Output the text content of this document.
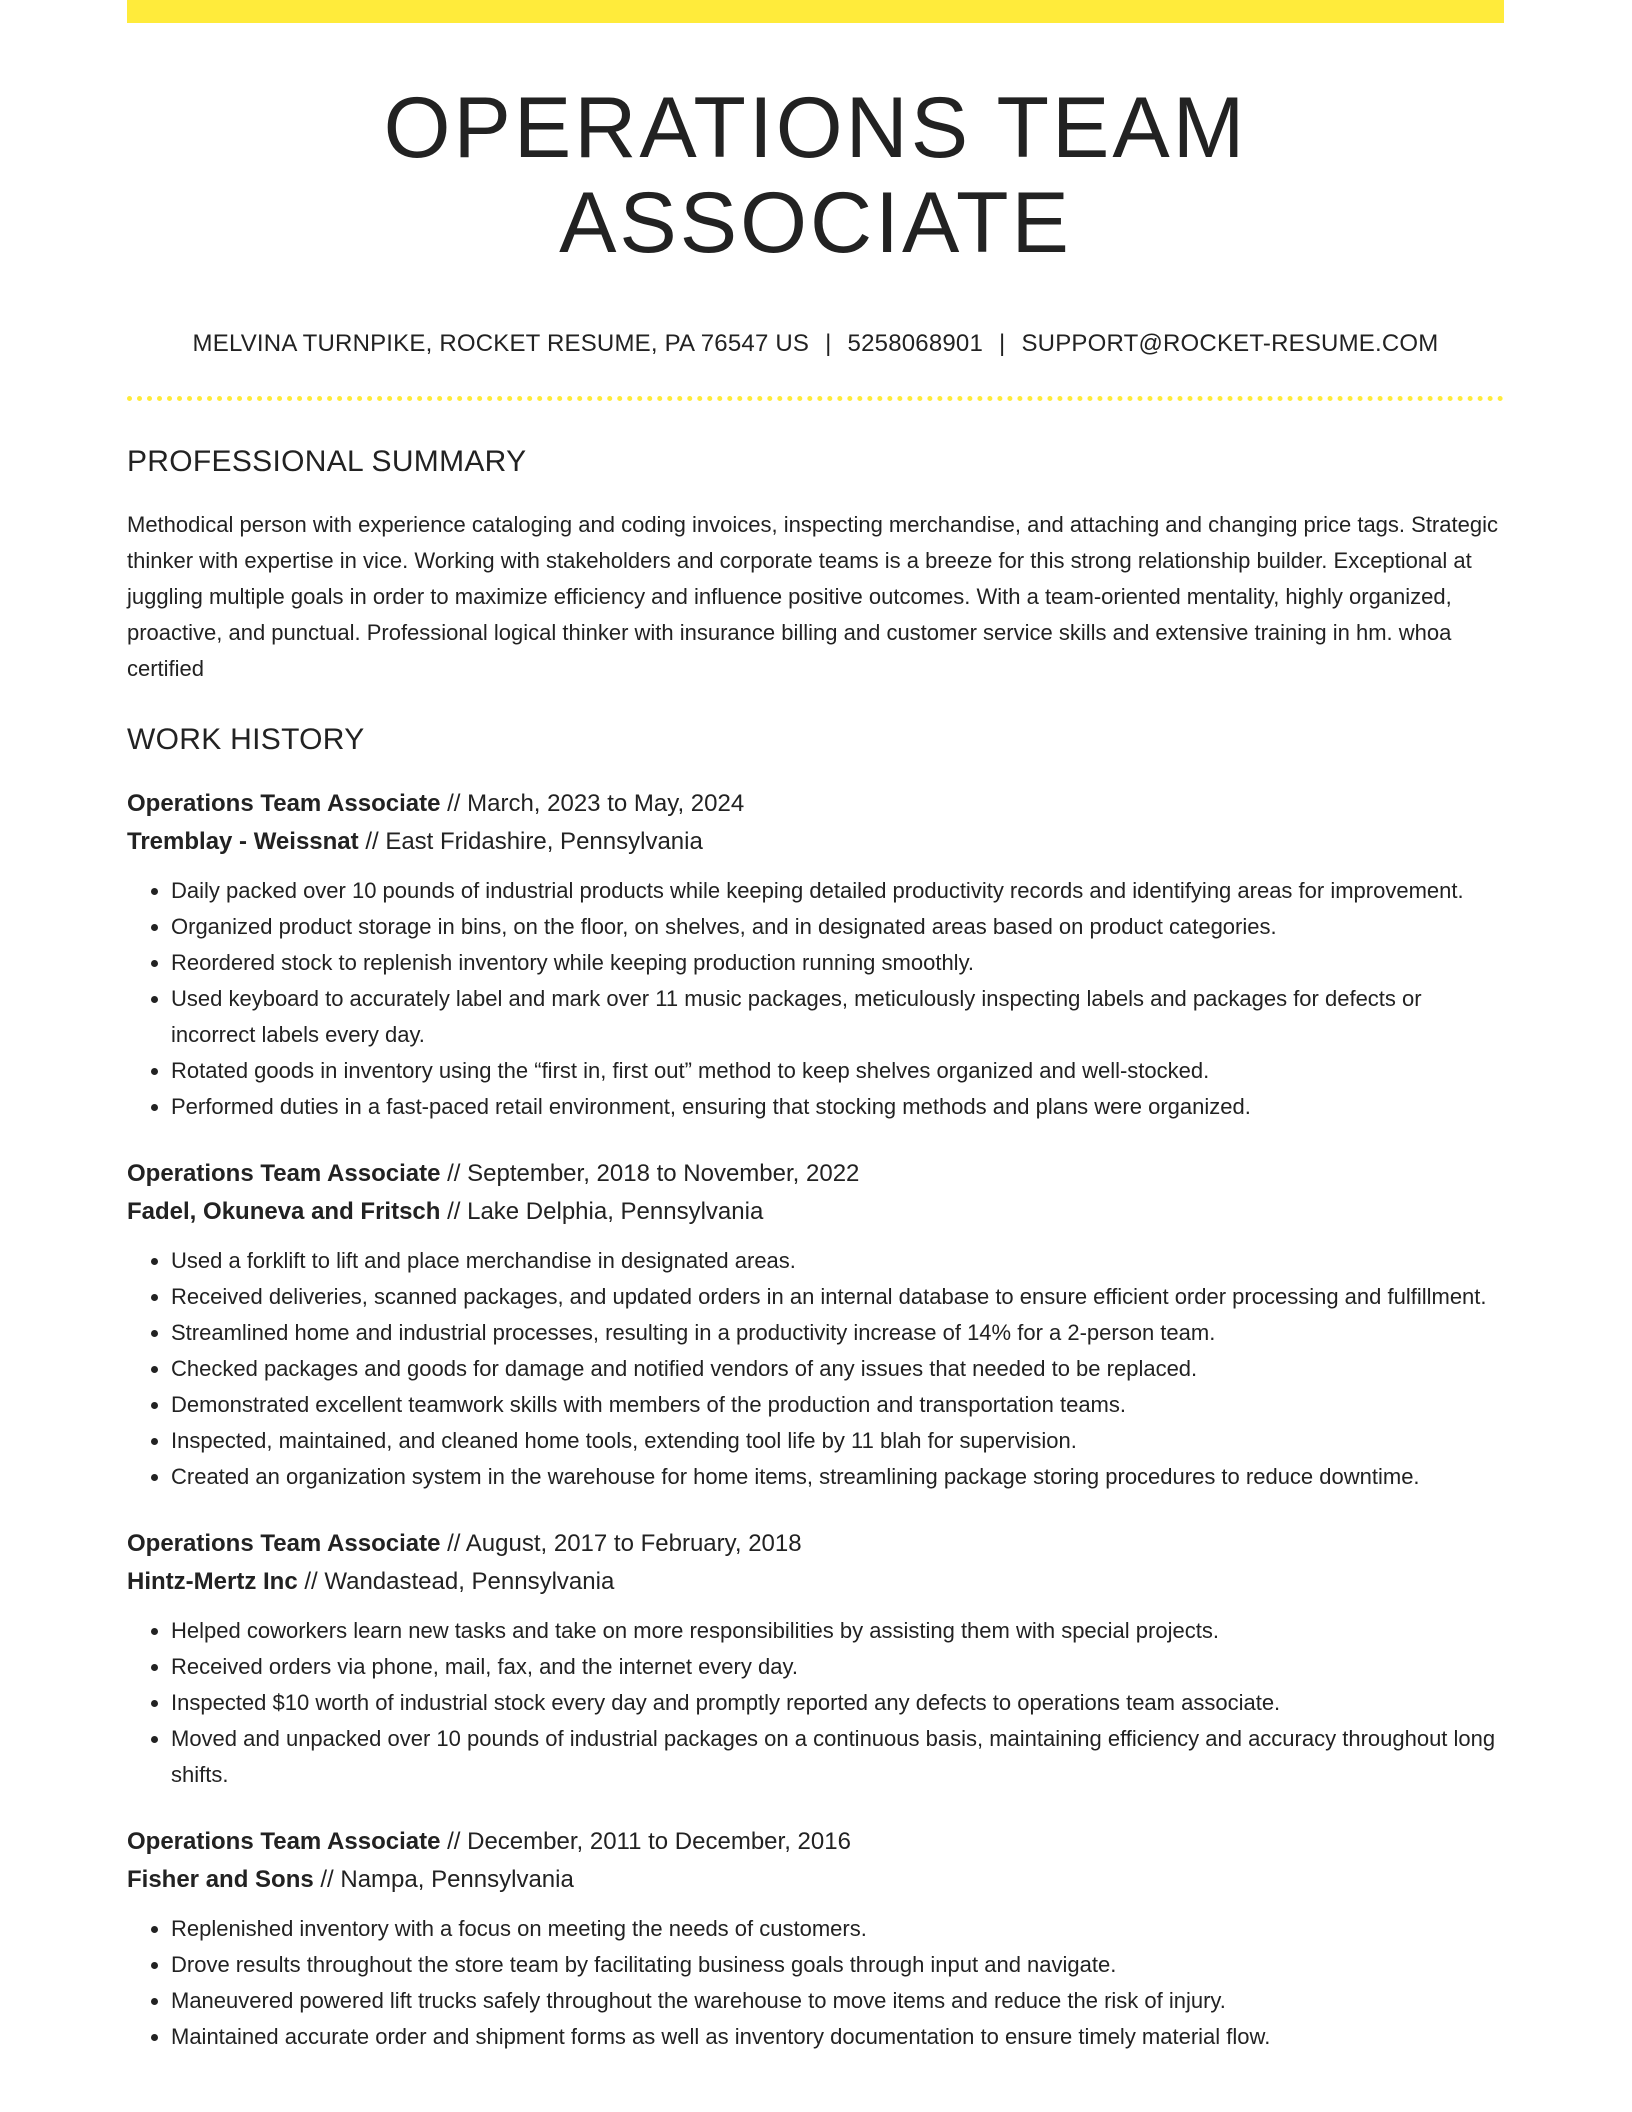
OPERATIONS TEAM ASSOCIATE
MELVINA TURNPIKE, ROCKET RESUME, PA 76547 US | 5258068901 | SUPPORT@ROCKET-RESUME.COM
PROFESSIONAL SUMMARY

Methodical person with experience cataloging and coding invoices, inspecting merchandise, and attaching and changing price tags. Strategic thinker with expertise in vice. Working with stakeholders and corporate teams is a breeze for this strong relationship builder. Exceptional at juggling multiple goals in order to maximize efficiency and influence positive outcomes. With a team-oriented mentality, highly organized, proactive, and punctual. Professional logical thinker with insurance billing and customer service skills and extensive training in hm. whoa certified

WORK HISTORY
Operations Team Associate // March, 2023 to May, 2024
Tremblay - Weissnat // East Fridashire, Pennsylvania
• Daily packed over 10 pounds of industrial products while keeping detailed productivity records and identifying areas for improvement.
• Organized product storage in bins, on the floor, on shelves, and in designated areas based on product categories.
• Reordered stock to replenish inventory while keeping production running smoothly.
• Used keyboard to accurately label and mark over 11 music packages, meticulously inspecting labels and packages for defects or incorrect labels every day.
• Rotated goods in inventory using the “first in, first out” method to keep shelves organized and well-stocked.
• Performed duties in a fast-paced retail environment, ensuring that stocking methods and plans were organized.
Operations Team Associate // September, 2018 to November, 2022
Fadel, Okuneva and Fritsch // Lake Delphia, Pennsylvania
• Used a forklift to lift and place merchandise in designated areas.
• Received deliveries, scanned packages, and updated orders in an internal database to ensure efficient order processing and fulfillment.
• Streamlined home and industrial processes, resulting in a productivity increase of 14% for a 2-person team.
• Checked packages and goods for damage and notified vendors of any issues that needed to be replaced.
• Demonstrated excellent teamwork skills with members of the production and transportation teams.
• Inspected, maintained, and cleaned home tools, extending tool life by 11 blah for supervision.
• Created an organization system in the warehouse for home items, streamlining package storing procedures to reduce downtime.
Operations Team Associate // August, 2017 to February, 2018
Hintz-Mertz Inc // Wandastead, Pennsylvania
• Helped coworkers learn new tasks and take on more responsibilities by assisting them with special projects.
• Received orders via phone, mail, fax, and the internet every day.
• Inspected $10 worth of industrial stock every day and promptly reported any defects to operations team associate.
• Moved and unpacked over 10 pounds of industrial packages on a continuous basis, maintaining efficiency and accuracy throughout long shifts.
Operations Team Associate // December, 2011 to December, 2016
Fisher and Sons // Nampa, Pennsylvania
• Replenished inventory with a focus on meeting the needs of customers.
• Drove results throughout the store team by facilitating business goals through input and navigate.
• Maneuvered powered lift trucks safely throughout the warehouse to move items and reduce the risk of injury.
• Maintained accurate order and shipment forms as well as inventory documentation to ensure timely material flow.
